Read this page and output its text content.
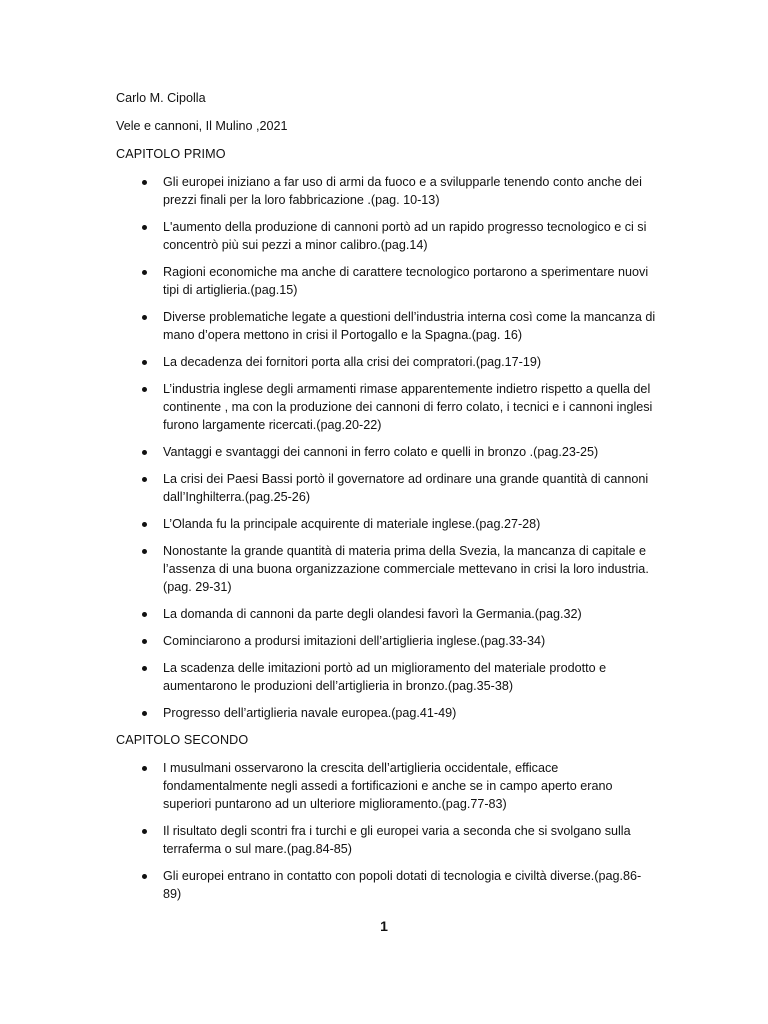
Carlo M. Cipolla
Vele e cannoni, Il Mulino ,2021
CAPITOLO PRIMO
Gli europei iniziano a far uso di armi da fuoco e a svilupparle tenendo conto anche dei prezzi finali per la loro fabbricazione .(pag. 10-13)
L'aumento della produzione di cannoni portò ad un rapido progresso tecnologico e ci si concentrò più sui pezzi a minor calibro.(pag.14)
Ragioni economiche ma anche di carattere tecnologico portarono a sperimentare nuovi tipi di artiglieria.(pag.15)
Diverse problematiche legate a questioni dell’industria interna così come la mancanza di mano d’opera mettono in crisi il Portogallo e la Spagna.(pag. 16)
La decadenza dei fornitori porta alla crisi dei compratori.(pag.17-19)
L’industria inglese degli armamenti rimase apparentemente indietro rispetto a quella del continente , ma con la produzione dei cannoni di ferro colato, i tecnici e i cannoni inglesi furono largamente ricercati.(pag.20-22)
Vantaggi e svantaggi dei cannoni in ferro colato e quelli in bronzo .(pag.23-25)
La crisi dei Paesi Bassi portò il governatore ad ordinare una grande quantità di cannoni dall’Inghilterra.(pag.25-26)
L’Olanda fu la principale acquirente di materiale inglese.(pag.27-28)
Nonostante la grande quantità di materia prima della Svezia, la mancanza di capitale e l’assenza di una buona organizzazione commerciale mettevano in crisi la loro industria.(pag. 29-31)
La domanda di cannoni da parte degli olandesi favorì la Germania.(pag.32)
Cominciarono a prodursi imitazioni dell’artiglieria inglese.(pag.33-34)
La scadenza delle imitazioni portò ad un miglioramento del materiale prodotto e aumentarono le produzioni dell’artiglieria in bronzo.(pag.35-38)
Progresso dell’artiglieria navale europea.(pag.41-49)
CAPITOLO SECONDO
I musulmani osservarono la crescita dell’artiglieria occidentale, efficace fondamentalmente negli assedi a fortificazioni e anche se in campo aperto erano superiori puntarono ad un ulteriore miglioramento.(pag.77-83)
Il risultato degli scontri fra i turchi e gli europei varia a seconda che si svolgano sulla terraferma o sul mare.(pag.84-85)
Gli europei entrano in contatto con popoli dotati di tecnologia e civiltà diverse.(pag.86-89)
1
